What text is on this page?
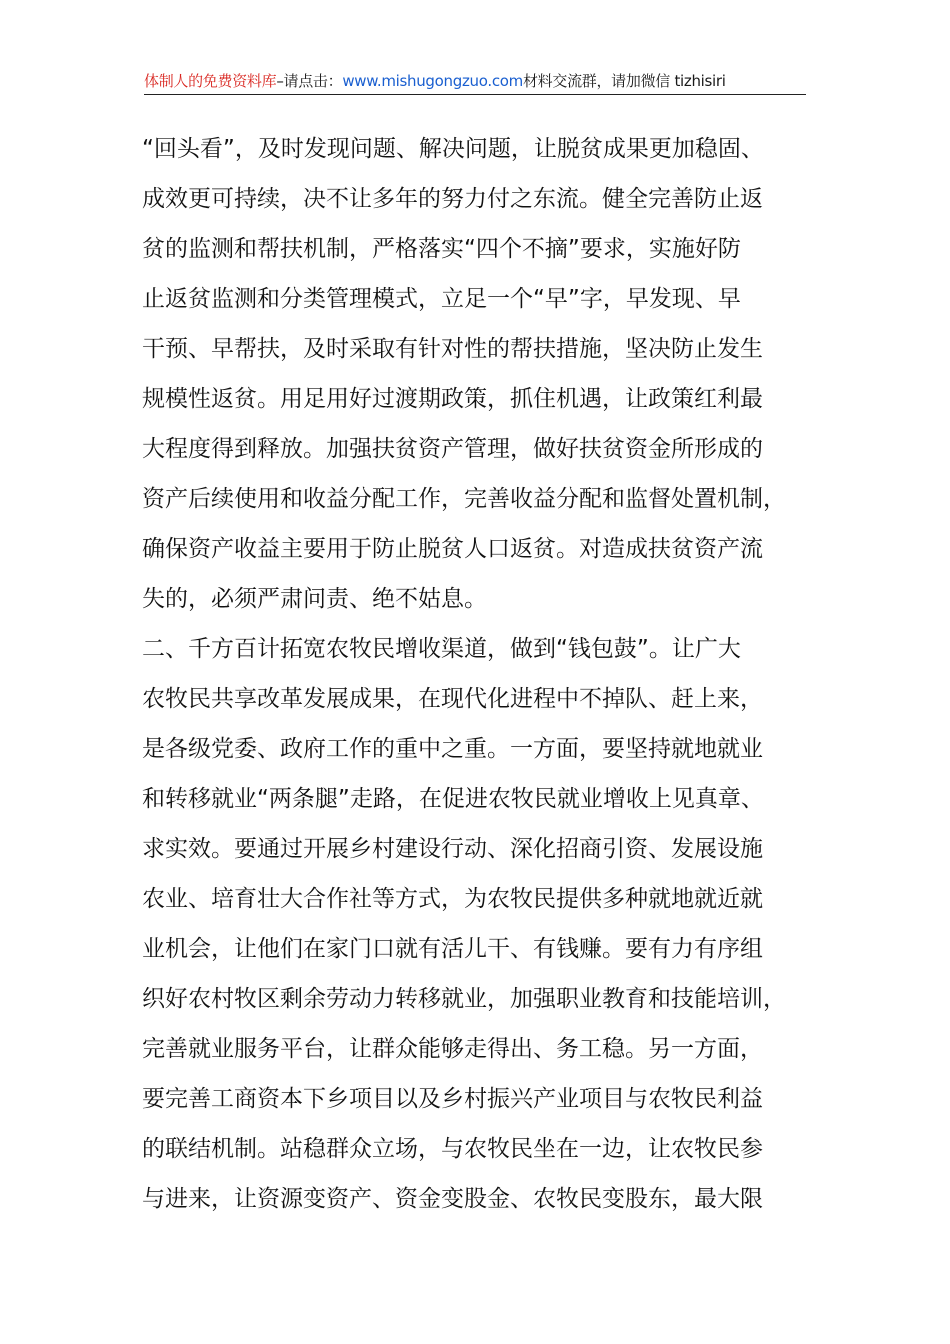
体制人的免费资料库–请点击：www.mishugongzuo.com材料交流群，请加微信 tizhisiri
“回头看”，及时发现问题、解决问题，让脱贫成果更加稳固、
成效更可持续，决不让多年的努力付之东流。健全完善防止返
贫的监测和帮扶机制，严格落实“四个不摘”要求，实施好防
止返贫监测和分类管理模式，立足一个“早”字，早发现、早
干预、早帮扶，及时采取有针对性的帮扶措施，坚决防止发生
规模性返贫。用足用好过渡期政策，抓住机遇，让政策红利最
大程度得到释放。加强扶贫资产管理，做好扶贫资金所形成的
资产后续使用和收益分配工作，完善收益分配和监督处置机制，
确保资产收益主要用于防止脱贫人口返贫。对造成扶贫资产流
失的，必须严肃问责、绝不姑息。
二、千方百计拓宽农牧民增收渠道，做到“钱包鼓”。让广大
农牧民共享改革发展成果，在现代化进程中不掉队、赶上来，
是各级党委、政府工作的重中之重。一方面，要坚持就地就业
和转移就业“两条腿”走路，在促进农牧民就业增收上见真章、
求实效。要通过开展乡村建设行动、深化招商引资、发展设施
农业、培育壮大合作社等方式，为农牧民提供多种就地就近就
业机会，让他们在家门口就有活儿干、有钱赚。要有力有序组
织好农村牧区剩余劳动力转移就业，加强职业教育和技能培训，
完善就业服务平台，让群众能够走得出、务工稳。另一方面，
要完善工商资本下乡项目以及乡村振兴产业项目与农牧民利益
的联结机制。站稳群众立场，与农牧民坐在一边，让农牧民参
与进来，让资源变资产、资金变股金、农牧民变股东，最大限
